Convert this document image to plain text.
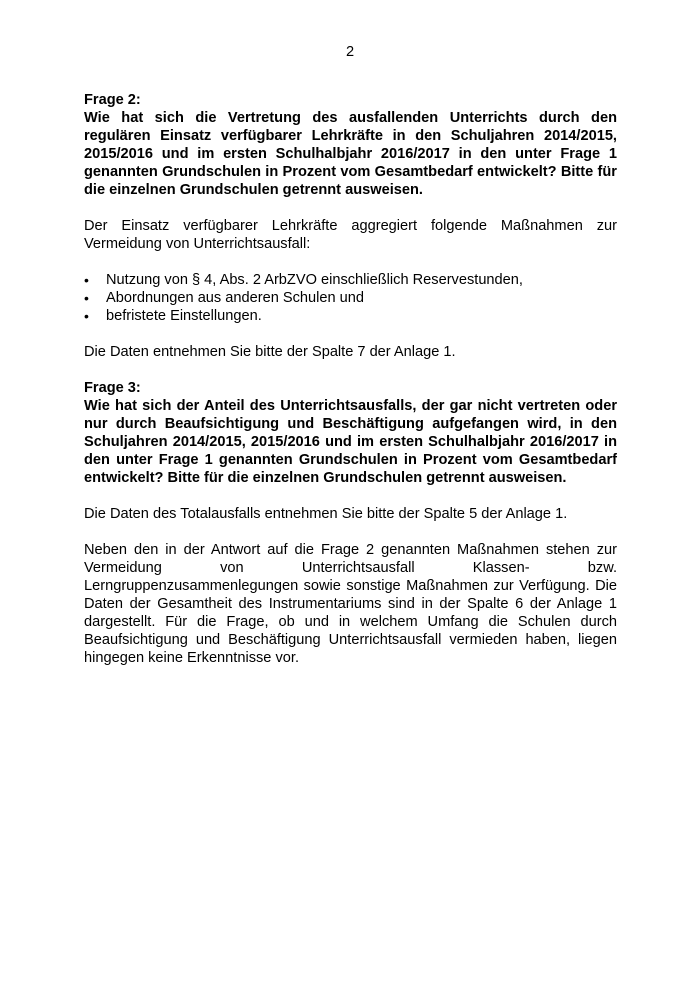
2

Frage 2:

Wie hat sich die Vertretung des ausfallenden Unterrichts durch den regulären Einsatz verfügbarer Lehrkräfte in den Schuljahren 2014/2015, 2015/2016 und im ersten Schulhalbjahr 2016/2017 in den unter Frage 1 genannten Grundschulen in Prozent vom Gesamtbedarf entwickelt? Bitte für die einzelnen Grundschulen getrennt ausweisen.

Der Einsatz verfügbarer Lehrkräfte aggregiert folgende Maßnahmen zur Vermeidung von Unterrichtsausfall:

• Nutzung von § 4, Abs. 2 ArbZVO einschließlich Reservestunden,
• Abordnungen aus anderen Schulen und
• befristete Einstellungen.

Die Daten entnehmen Sie bitte der Spalte 7 der Anlage 1.

Frage 3:

Wie hat sich der Anteil des Unterrichtsausfalls, der gar nicht vertreten oder nur durch Beaufsichtigung und Beschäftigung aufgefangen wird, in den Schuljahren 2014/2015, 2015/2016 und im ersten Schulhalbjahr 2016/2017 in den unter Frage 1 genannten Grundschulen in Prozent vom Gesamtbedarf entwickelt? Bitte für die einzelnen Grundschulen getrennt ausweisen.

Die Daten des Totalausfalls entnehmen Sie bitte der Spalte 5 der Anlage 1.

Neben den in der Antwort auf die Frage 2 genannten Maßnahmen stehen zur Vermeidung von Unterrichtsausfall Klassen- bzw. Lerngruppenzusammenlegungen sowie sonstige Maßnahmen zur Verfügung. Die Daten der Gesamtheit des Instrumentariums sind in der Spalte 6 der Anlage 1 dargestellt. Für die Frage, ob und in welchem Umfang die Schulen durch Beaufsichtigung und Beschäftigung Unterrichtsausfall vermieden haben, liegen hingegen keine Erkenntnisse vor.
